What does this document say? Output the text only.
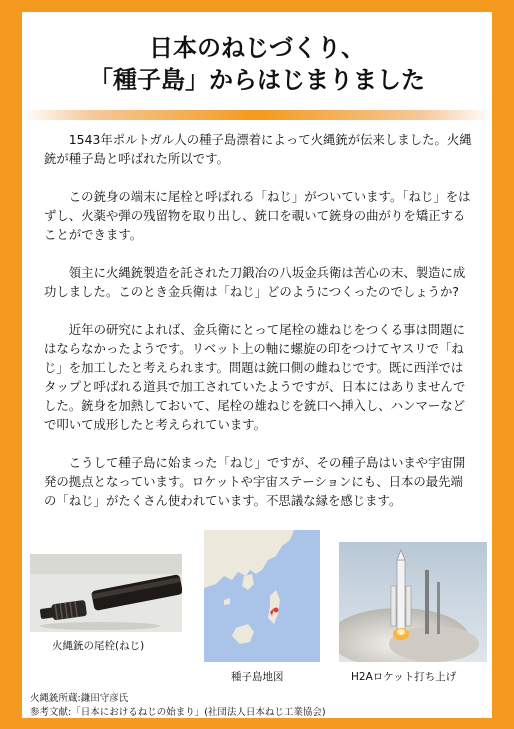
日本のねじづくり、
「種子島」からはじまりました

1543年ポルトガル人の種子島漂着によって火縄銃が伝来しました。火縄銃が種子島と呼ばれた所以です。

この銃身の端末に尾栓と呼ばれる「ねじ」がついています。「ねじ」をはずし、火薬や弾の残留物を取り出し、銃口を覗いて銃身の曲がりを矯正することができます。

領主に火縄銃製造を託された刀鍛冶の八坂金兵衛は苦心の末、製造に成功しました。このとき金兵衛は「ねじ」どのようにつくったのでしょうか?

近年の研究によれば、金兵衛にとって尾栓の雄ねじをつくる事は問題にはならなかったようです。リベット上の軸に螺旋の印をつけてヤスリで「ねじ」を加工したと考えられます。問題は銃口側の雌ねじです。既に西洋ではタップと呼ばれる道具で加工されていたようですが、日本にはありませんでした。銃身を加熱しておいて、尾栓の雄ねじを銃口へ挿入し、ハンマーなどで叩いて成形したと考えられています。

こうして種子島に始まった「ねじ」ですが、その種子島はいまや宇宙開発の拠点となっています。ロケットや宇宙ステーションにも、日本の最先端の「ねじ」がたくさん使われています。不思議な縁を感じます。

火縄銃の尾栓(ねじ)
種子島地図	H2Aロケット打ち上げ
火縄銃所蔵:鎌田守彦氏
参考文献:「日本におけるねじの始まり」(社団法人日本ねじ工業協会)
